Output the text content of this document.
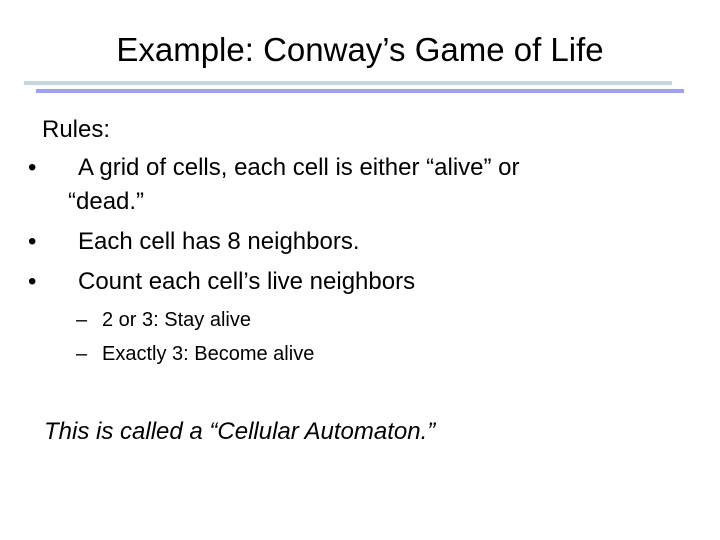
Example: Conway’s Game of Life
Rules:
• A grid of cells, each cell is either “alive” or
“dead.”
• Each cell has 8 neighbors.
• Count each cell’s live neighbors
– 2 or 3: Stay alive
– Exactly 3: Become alive
This is called a “Cellular Automaton.”
